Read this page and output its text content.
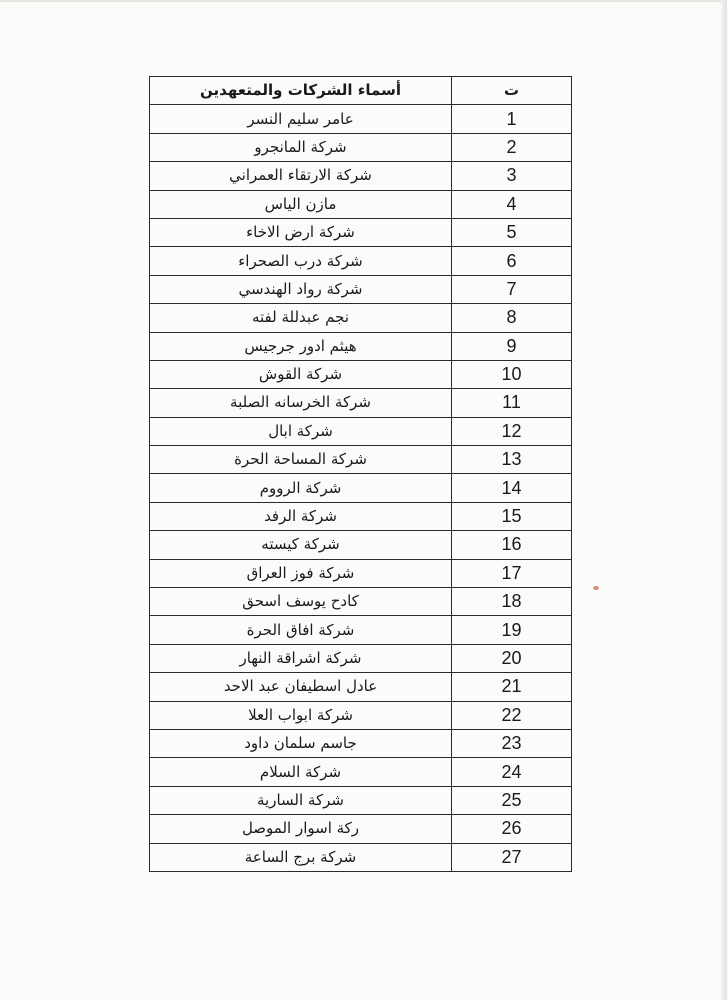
أسماء الشركات والمتعهدين	ت
عامر سليم النسر	1
شركة المانجرو	2
شركة الارتقاء العمراني	3
مازن الياس	4
شركة ارض الاخاء	5
شركة درب الصحراء	6
شركة رواد الهندسي	7
نجم عبدللة لفته	8
هيثم ادور جرجيس	9
شركة القوش	10
شركة الخرسانه الصلبة	11
شركة ابال	12
شركة المساحة الحرة	13
شركة الرووم	14
شركة الرفد	15
شركة كيسته	16
شركة فوز العراق	17
كادح يوسف اسحق	18
شركة افاق الحرة	19
شركة اشراقة النهار	20
عادل اسطيفان عبد الاحد	21
شركة ابواب العلا	22
جاسم سلمان داود	23
شركة السلام	24
شركة السارية	25
ركة اسوار الموصل	26
شركة برج الساعة	27
